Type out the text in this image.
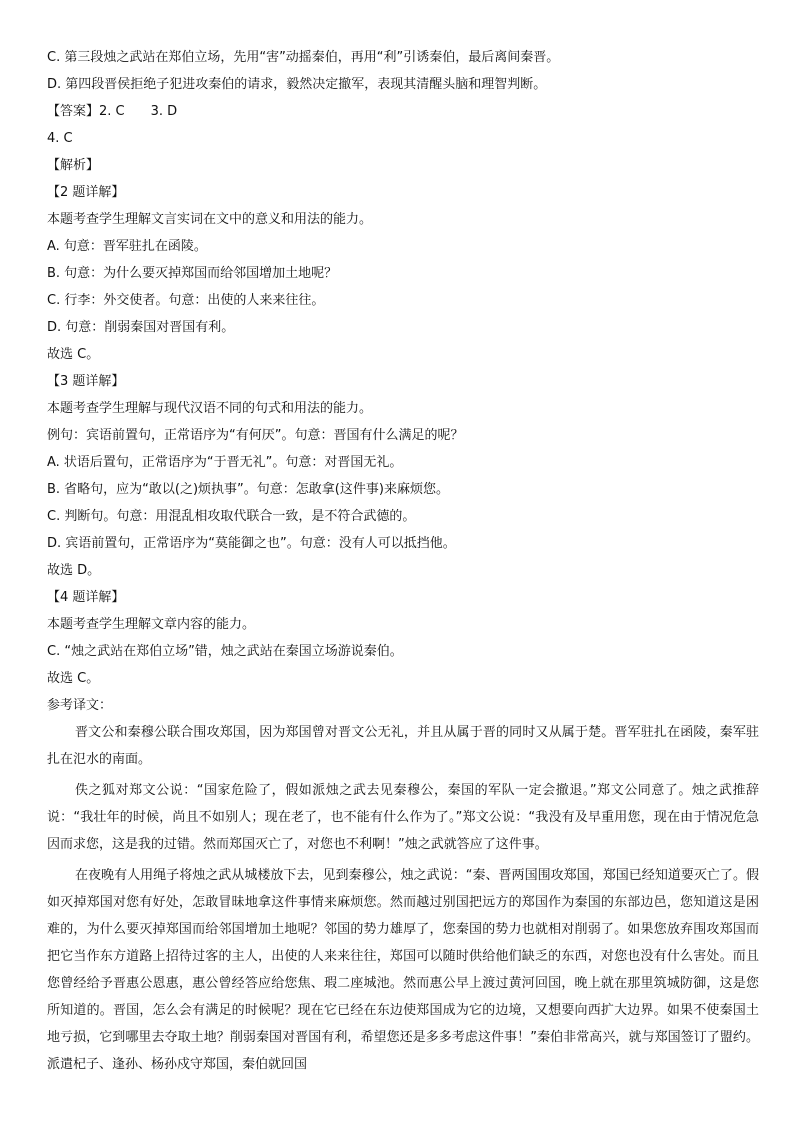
C. 第三段烛之武站在郑伯立场，先用“害”动摇秦伯，再用“利”引诱秦伯，最后离间秦晋。
D. 第四段晋侯拒绝子犯进攻秦伯的请求，毅然决定撤军，表现其清醒头脑和理智判断。
【答案】2. C　　3. D
4. C
【解析】
【2 题详解】
本题考查学生理解文言实词在文中的意义和用法的能力。
A. 句意：晋军驻扎在函陵。
B. 句意：为什么要灭掉郑国而给邻国增加土地呢？
C. 行李：外交使者。句意：出使的人来来往往。
D. 句意：削弱秦国对晋国有利。
故选 C。
【3 题详解】
本题考查学生理解与现代汉语不同的句式和用法的能力。
例句：宾语前置句，正常语序为“有何厌”。句意：晋国有什么满足的呢？
A. 状语后置句，正常语序为“于晋无礼”。句意：对晋国无礼。
B. 省略句，应为“敢以(之)烦执事”。句意：怎敢拿(这件事)来麻烦您。
C. 判断句。句意：用混乱相攻取代联合一致，是不符合武德的。
D. 宾语前置句，正常语序为“莫能御之也”。句意：没有人可以抵挡他。
故选 D。
【4 题详解】
本题考查学生理解文章内容的能力。
C. “烛之武站在郑伯立场”错，烛之武站在秦国立场游说秦伯。
故选 C。
参考译文：
晋文公和秦穆公联合围攻郑国，因为郑国曾对晋文公无礼，并且从属于晋的同时又从属于楚。晋军驻扎在函陵，秦军驻扎在氾水的南面。
佚之狐对郑文公说：“国家危险了，假如派烛之武去见秦穆公，秦国的军队一定会撤退。”郑文公同意了。烛之武推辞说：“我壮年的时候，尚且不如别人；现在老了，也不能有什么作为了。”郑文公说：“我没有及早重用您，现在由于情况危急因而求您，这是我的过错。然而郑国灭亡了，对您也不利啊！”烛之武就答应了这件事。
在夜晚有人用绳子将烛之武从城楼放下去，见到秦穆公，烛之武说：“秦、晋两国围攻郑国，郑国已经知道要灭亡了。假如灭掉郑国对您有好处，怎敢冒昧地拿这件事情来麻烦您。然而越过别国把远方的郑国作为秦国的东部边邑，您知道这是困难的，为什么要灭掉郑国而给邻国增加土地呢？邻国的势力雄厚了，您秦国的势力也就相对削弱了。如果您放弃围攻郑国而把它当作东方道路上招待过客的主人，出使的人来来往往，郑国可以随时供给他们缺乏的东西，对您也没有什么害处。而且您曾经给予晋惠公恩惠，惠公曾经答应给您焦、瑕二座城池。然而惠公早上渡过黄河回国，晚上就在那里筑城防御，这是您所知道的。晋国，怎么会有满足的时候呢？现在它已经在东边使郑国成为它的边境，又想要向西扩大边界。如果不使秦国土地亏损，它到哪里去夺取土地？削弱秦国对晋国有利，希望您还是多多考虑这件事！”秦伯非常高兴，就与郑国签订了盟约。派遣杞子、逢孙、杨孙戍守郑国，秦伯就回国
